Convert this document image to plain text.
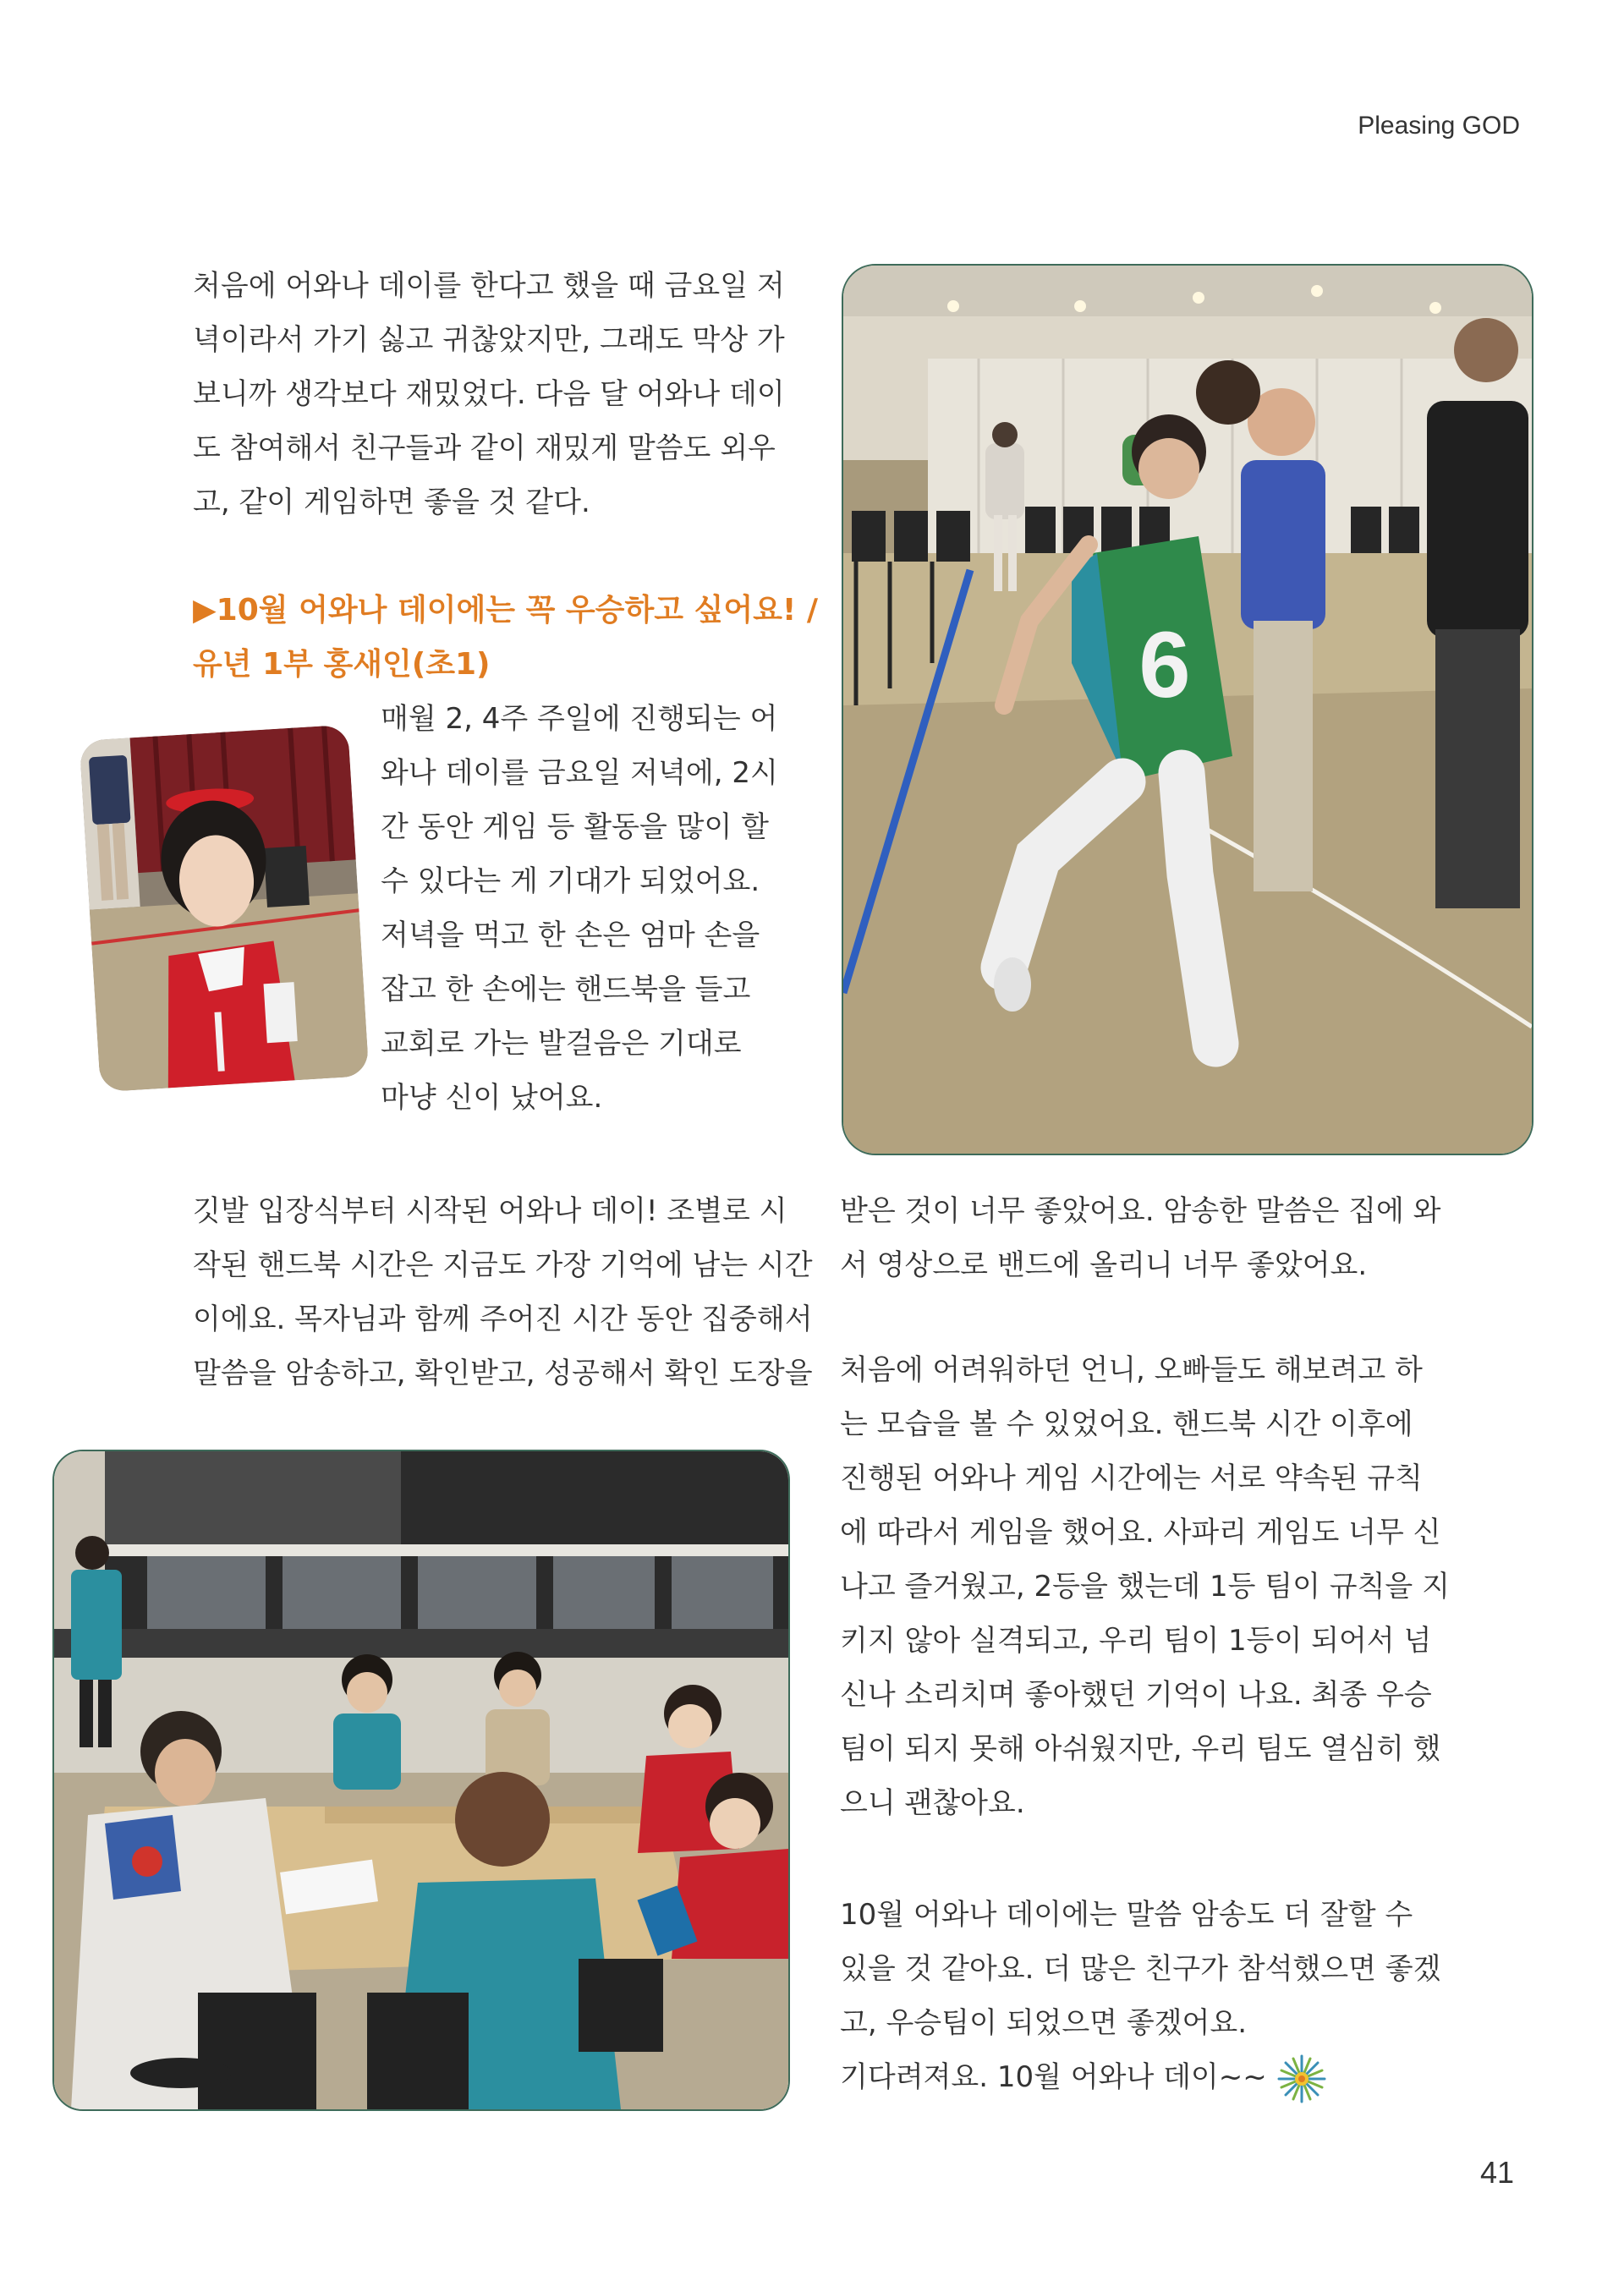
Pleasing GOD
처음에 어와나 데이를 한다고 했을 때 금요일 저
녁이라서 가기 싫고 귀찮았지만, 그래도 막상 가
보니까 생각보다 재밌었다. 다음 달 어와나 데이
도 참여해서 친구들과 같이 재밌게 말씀도 외우
고, 같이 게임하면 좋을 것 같다.
▶10월 어와나 데이에는 꼭 우승하고 싶어요! /
유년 1부 홍새인(초1)
매월 2, 4주 주일에 진행되는 어
와나 데이를 금요일 저녁에, 2시
간 동안 게임 등 활동을 많이 할
수 있다는 게 기대가 되었어요.
저녁을 먹고 한 손은 엄마 손을
잡고 한 손에는 핸드북을 들고
교회로 가는 발걸음은 기대로
마냥 신이 났어요.
깃발 입장식부터 시작된 어와나 데이! 조별로 시
작된 핸드북 시간은 지금도 가장 기억에 남는 시간
이에요. 목자님과 함께 주어진 시간 동안 집중해서
말씀을 암송하고, 확인받고, 성공해서 확인 도장을
받은 것이 너무 좋았어요. 암송한 말씀은 집에 와
서 영상으로 밴드에 올리니 너무 좋았어요.
처음에 어려워하던 언니, 오빠들도 해보려고 하
는 모습을 볼 수 있었어요. 핸드북 시간 이후에
진행된 어와나 게임 시간에는 서로 약속된 규칙
에 따라서 게임을 했어요. 사파리 게임도 너무 신
나고 즐거웠고, 2등을 했는데 1등 팀이 규칙을 지
키지 않아 실격되고, 우리 팀이 1등이 되어서 넘
신나 소리치며 좋아했던 기억이 나요. 최종 우승
팀이 되지 못해 아쉬웠지만, 우리 팀도 열심히 했
으니 괜찮아요.
10월 어와나 데이에는 말씀 암송도 더 잘할 수
있을 것 같아요. 더 많은 친구가 참석했으면 좋겠
고, 우승팀이 되었으면 좋겠어요.
기다려져요. 10월 어와나 데이~~
6
41
